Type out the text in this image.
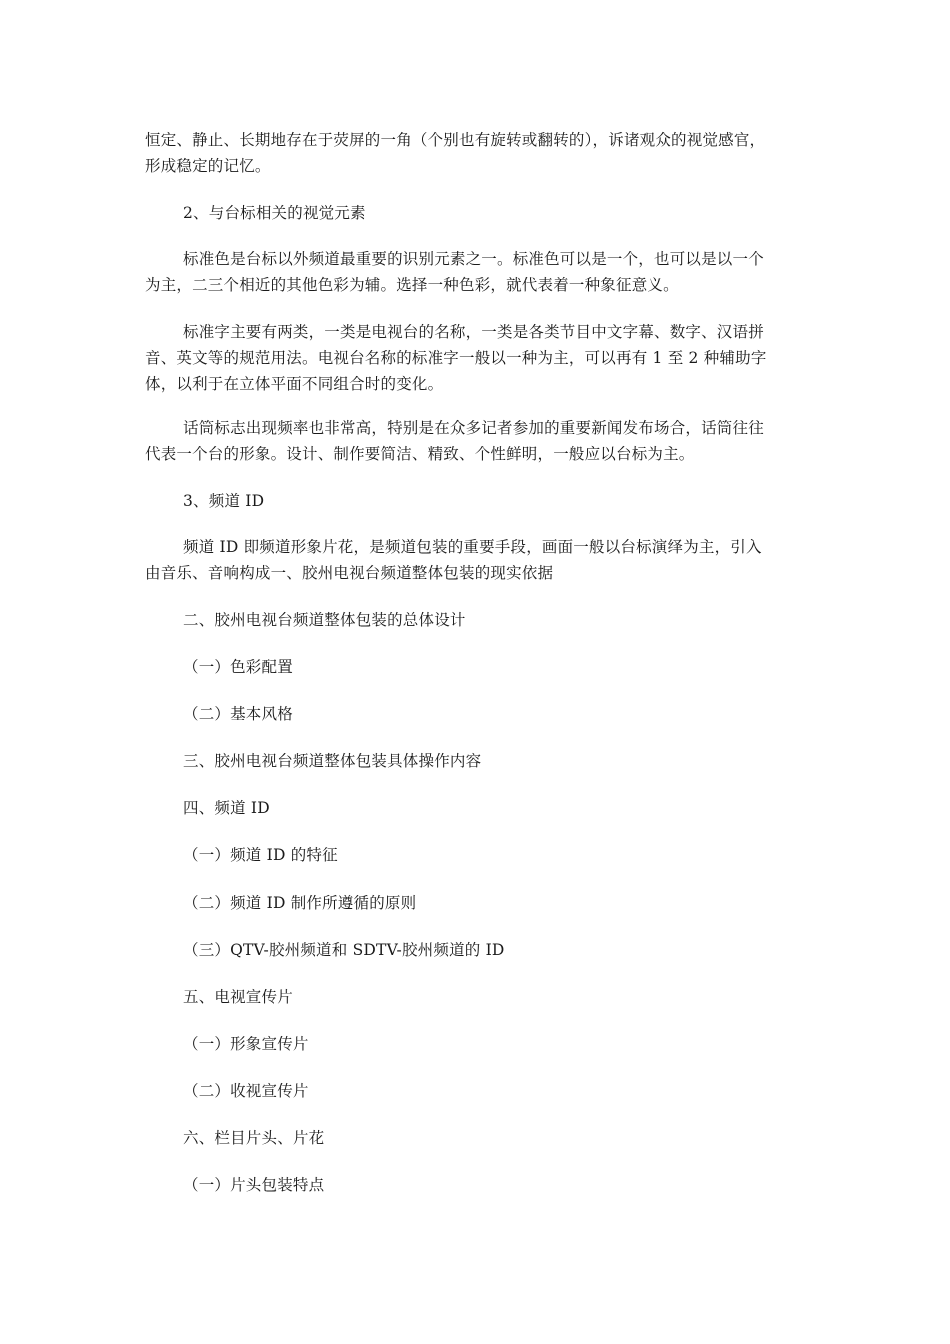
恒定、静止、长期地存在于荧屏的一角（个别也有旋转或翻转的），诉诸观众的视觉感官，
形成稳定的记忆。
2、与台标相关的视觉元素
标准色是台标以外频道最重要的识别元素之一。标准色可以是一个，也可以是以一个
为主，二三个相近的其他色彩为辅。选择一种色彩，就代表着一种象征意义。
标准字主要有两类，一类是电视台的名称，一类是各类节目中文字幕、数字、汉语拼
音、英文等的规范用法。电视台名称的标准字一般以一种为主，可以再有 1 至 2 种辅助字
体，以利于在立体平面不同组合时的变化。
话筒标志出现频率也非常高，特别是在众多记者参加的重要新闻发布场合，话筒往往
代表一个台的形象。设计、制作要简洁、精致、个性鲜明，一般应以台标为主。
3、频道 ID
频道 ID 即频道形象片花，是频道包装的重要手段，画面一般以台标演绎为主，引入
由音乐、音响构成一、胶州电视台频道整体包装的现实依据
二、胶州电视台频道整体包装的总体设计
（一）色彩配置
（二）基本风格
三、胶州电视台频道整体包装具体操作内容
四、频道 ID
（一）频道 ID 的特征
（二）频道 ID 制作所遵循的原则
（三）QTV-胶州频道和 SDTV-胶州频道的 ID
五、电视宣传片
（一）形象宣传片
（二）收视宣传片
六、栏目片头、片花
（一）片头包装特点
